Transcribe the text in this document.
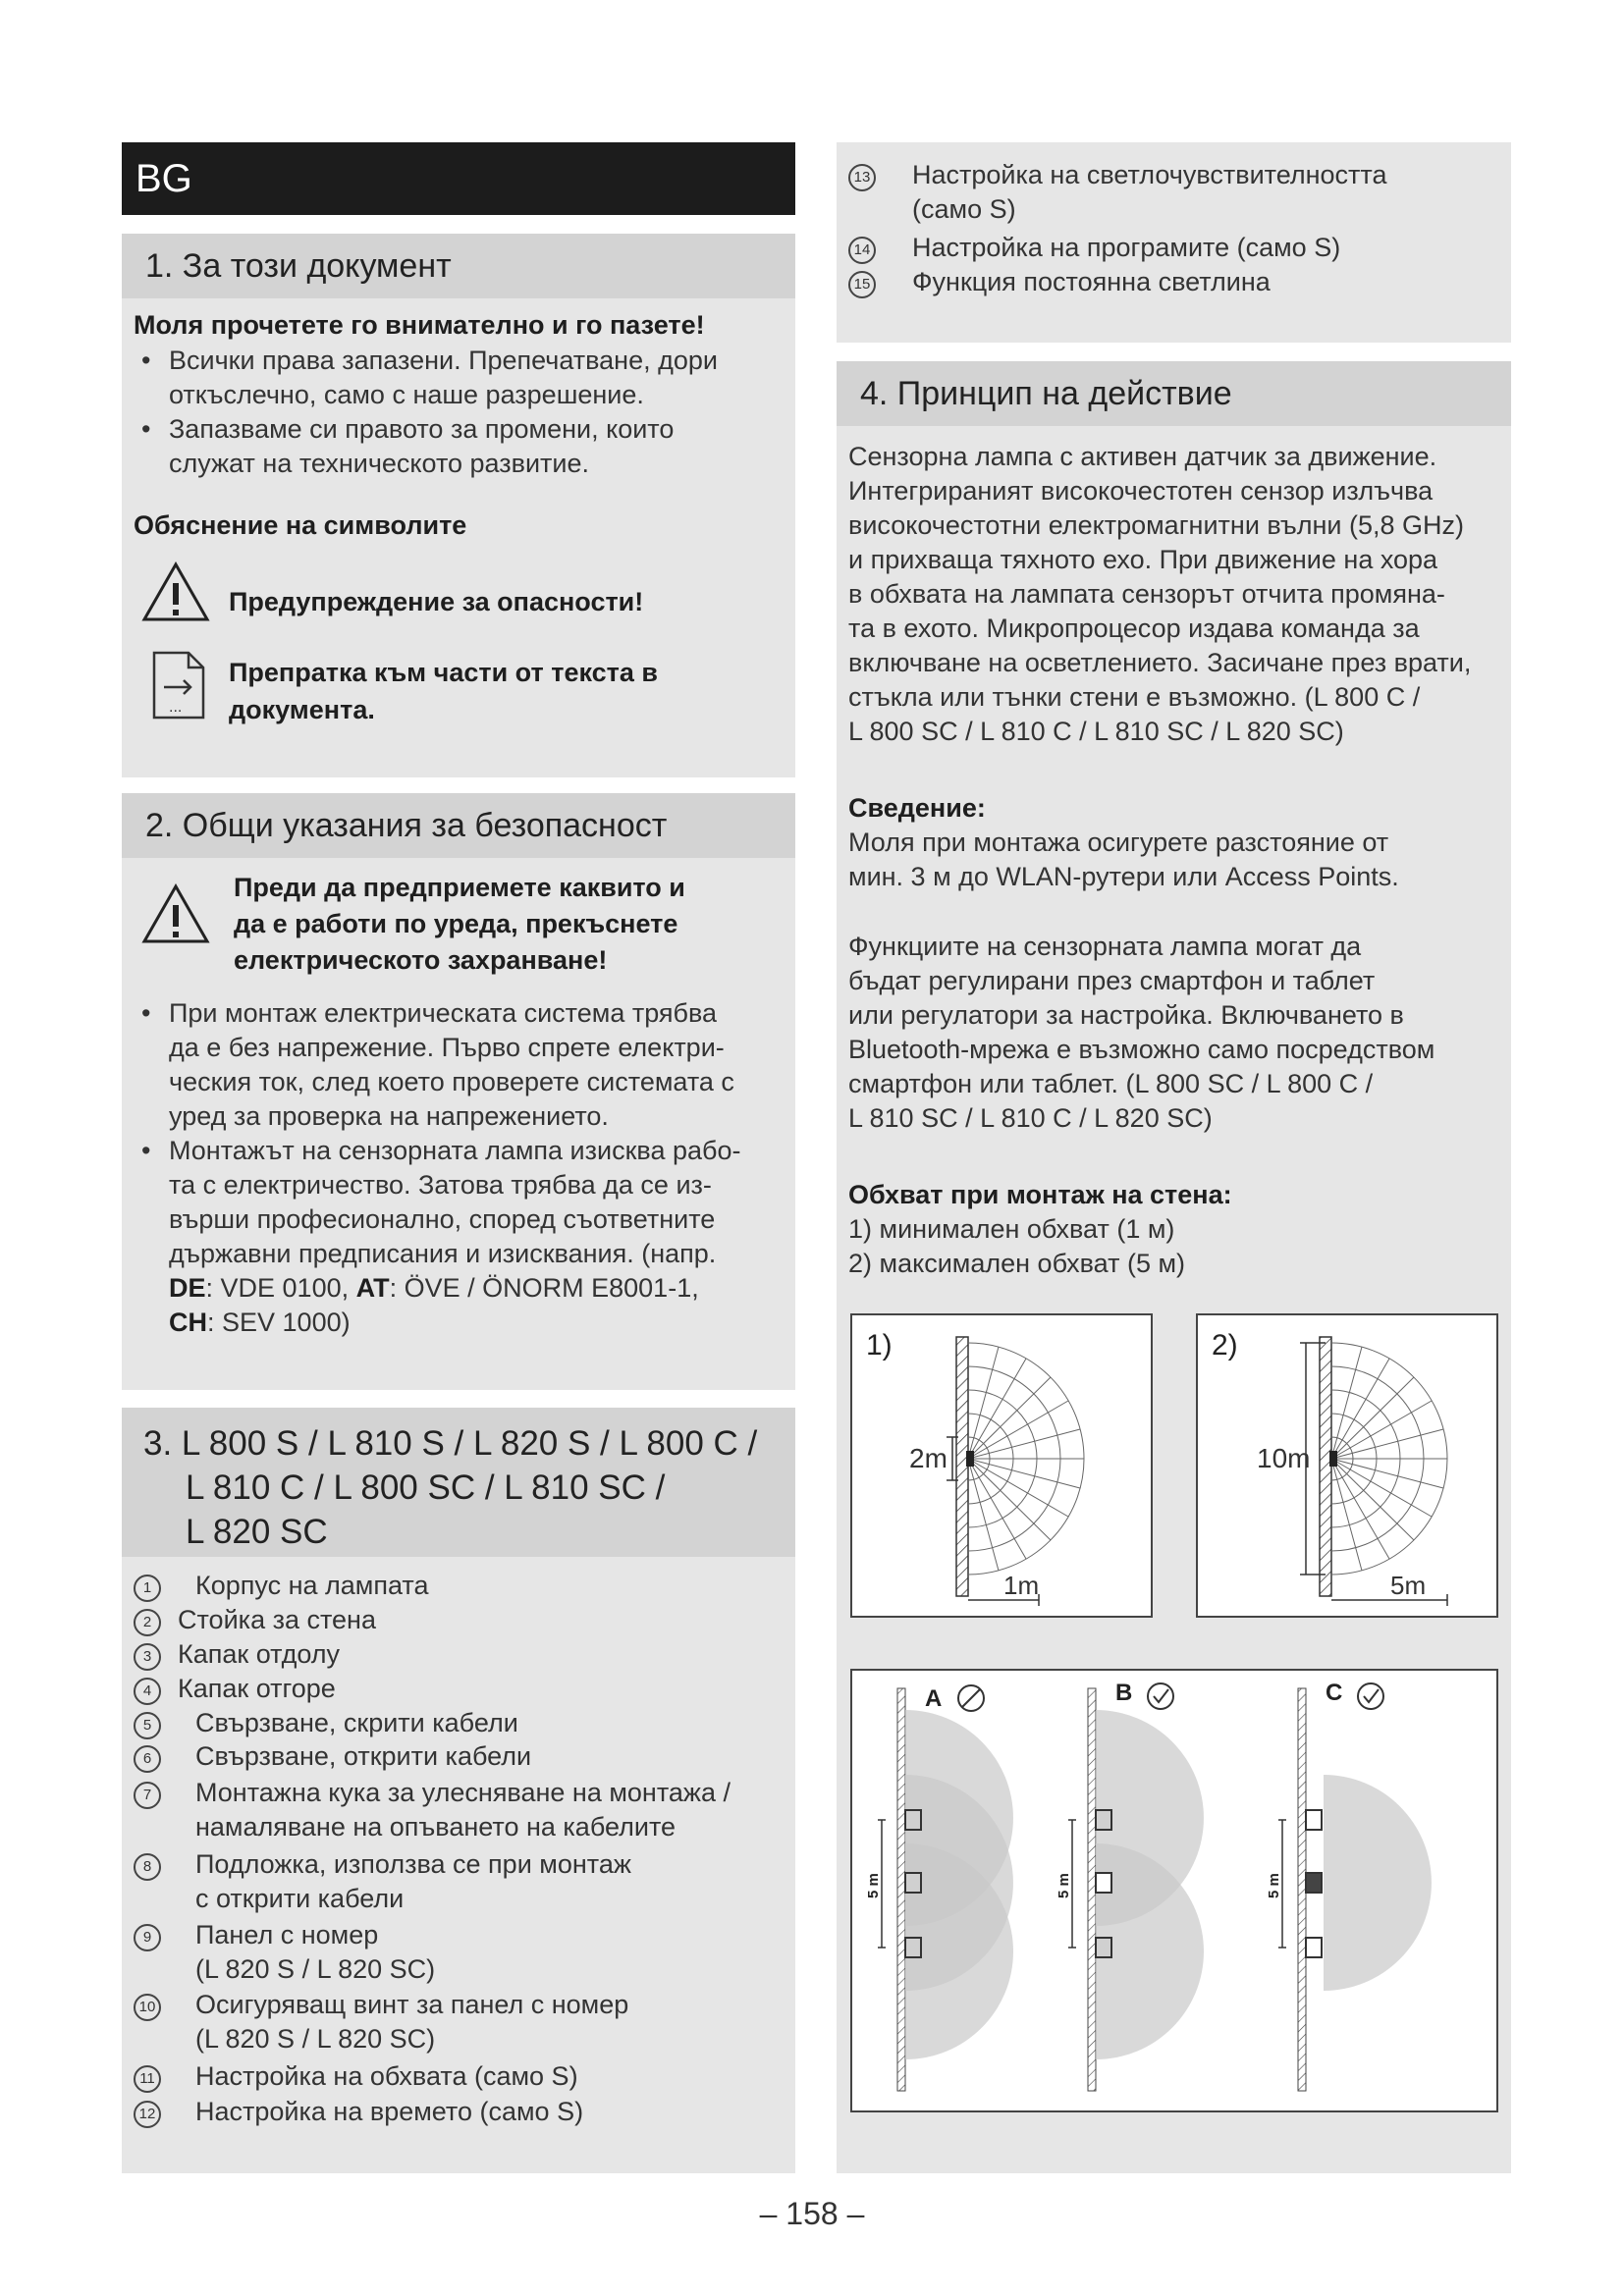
BG
1. За този документ
Моля прочетете го внимателно и го пазете!
• Всички права запазени. Препечатване, дори
откъслечно, само с наше разрешение.
• Запазваме си правото за промени, които
служат на техническото развитие.
Обяснение на символите
Предупреждение за опасности!
...
Препратка към части от текста в
документа.
2. Общи указания за безопасност
Преди да предприемете каквито и
да е работи по уреда, прекъснете
електрическото захранване!
• При монтаж електрическата система трябва
да е без напрежение. Първо спрете електри-
ческия ток, след което проверете системата с
уред за проверка на напрежението.
• Монтажът на сензорната лампа изисква рабо-
та с електричество. Затова трябва да се из-
върши професионално, според съответните
държавни предписания и изисквания. (напр.
DE: VDE 0100, AT: ÖVE / ÖNORM E8001-1,
CH: SEV 1000)
3. L 800 S / L 810 S / L 820 S / L 800 C /
L 810 C / L 800 SC / L 810 SC /
L 820 SC
1	Корпус на лампата
2 Стойка за стена
3 Капак отдолу
4 Капак отгоре
5	Свързване, скрити кабели
6	Свързване, открити кабели
7	Монтажна кука за улесняване на монтажа /
намаляване на опъването на кабелите
8	Подложка, използва се при монтаж
с открити кабели
9	Панел с номер
(L 820 S / L 820 SC)
10 Осигуряващ винт за панел с номер
(L 820 S / L 820 SC)
11 Настройка на обхвата (само S)
12 Настройка на времето (само S)
13 Настройка на светлочувствителността
(само S)
14 Настройка на програмите (само S)
15 Функция постоянна светлина
4. Принцип на действие
Сензорна лампа с активен датчик за движение.
Интегрираният високочестотен сензор излъчва
високочестотни електромагнитни вълни (5,8 GHz)
и прихваща тяхното ехо. При движение на хора
в обхвата на лампата сензорът отчита промяна-
та в ехото. Микропроцесор издава команда за
включване на осветлението. Засичане през врати,
стъкла или тънки стени е възможно. (L 800 C /
L 800 SC / L 810 C / L 810 SC / L 820 SC)
Сведение:
Моля при монтажа осигурете разстояние от
мин. 3 м до WLAN-рутери или Access Points.
Функциите на сензорната лампа могат да
бъдат регулирани през смартфон и таблет
или регулатори за настройка. Включването в
Bluetooth-мрежа е възможно само посредством
смартфон или таблет. (L 800 SC / L 800 C /
L 810 SC / L 810 C / L 820 SC)
Обхват при монтаж на стена:
1) минимален обхват (1 м)
2) максимален обхват (5 м)
1)
2m
1m
2)
10m
5m
5 m
A
5 m
B
5 m
C
– 158 –
